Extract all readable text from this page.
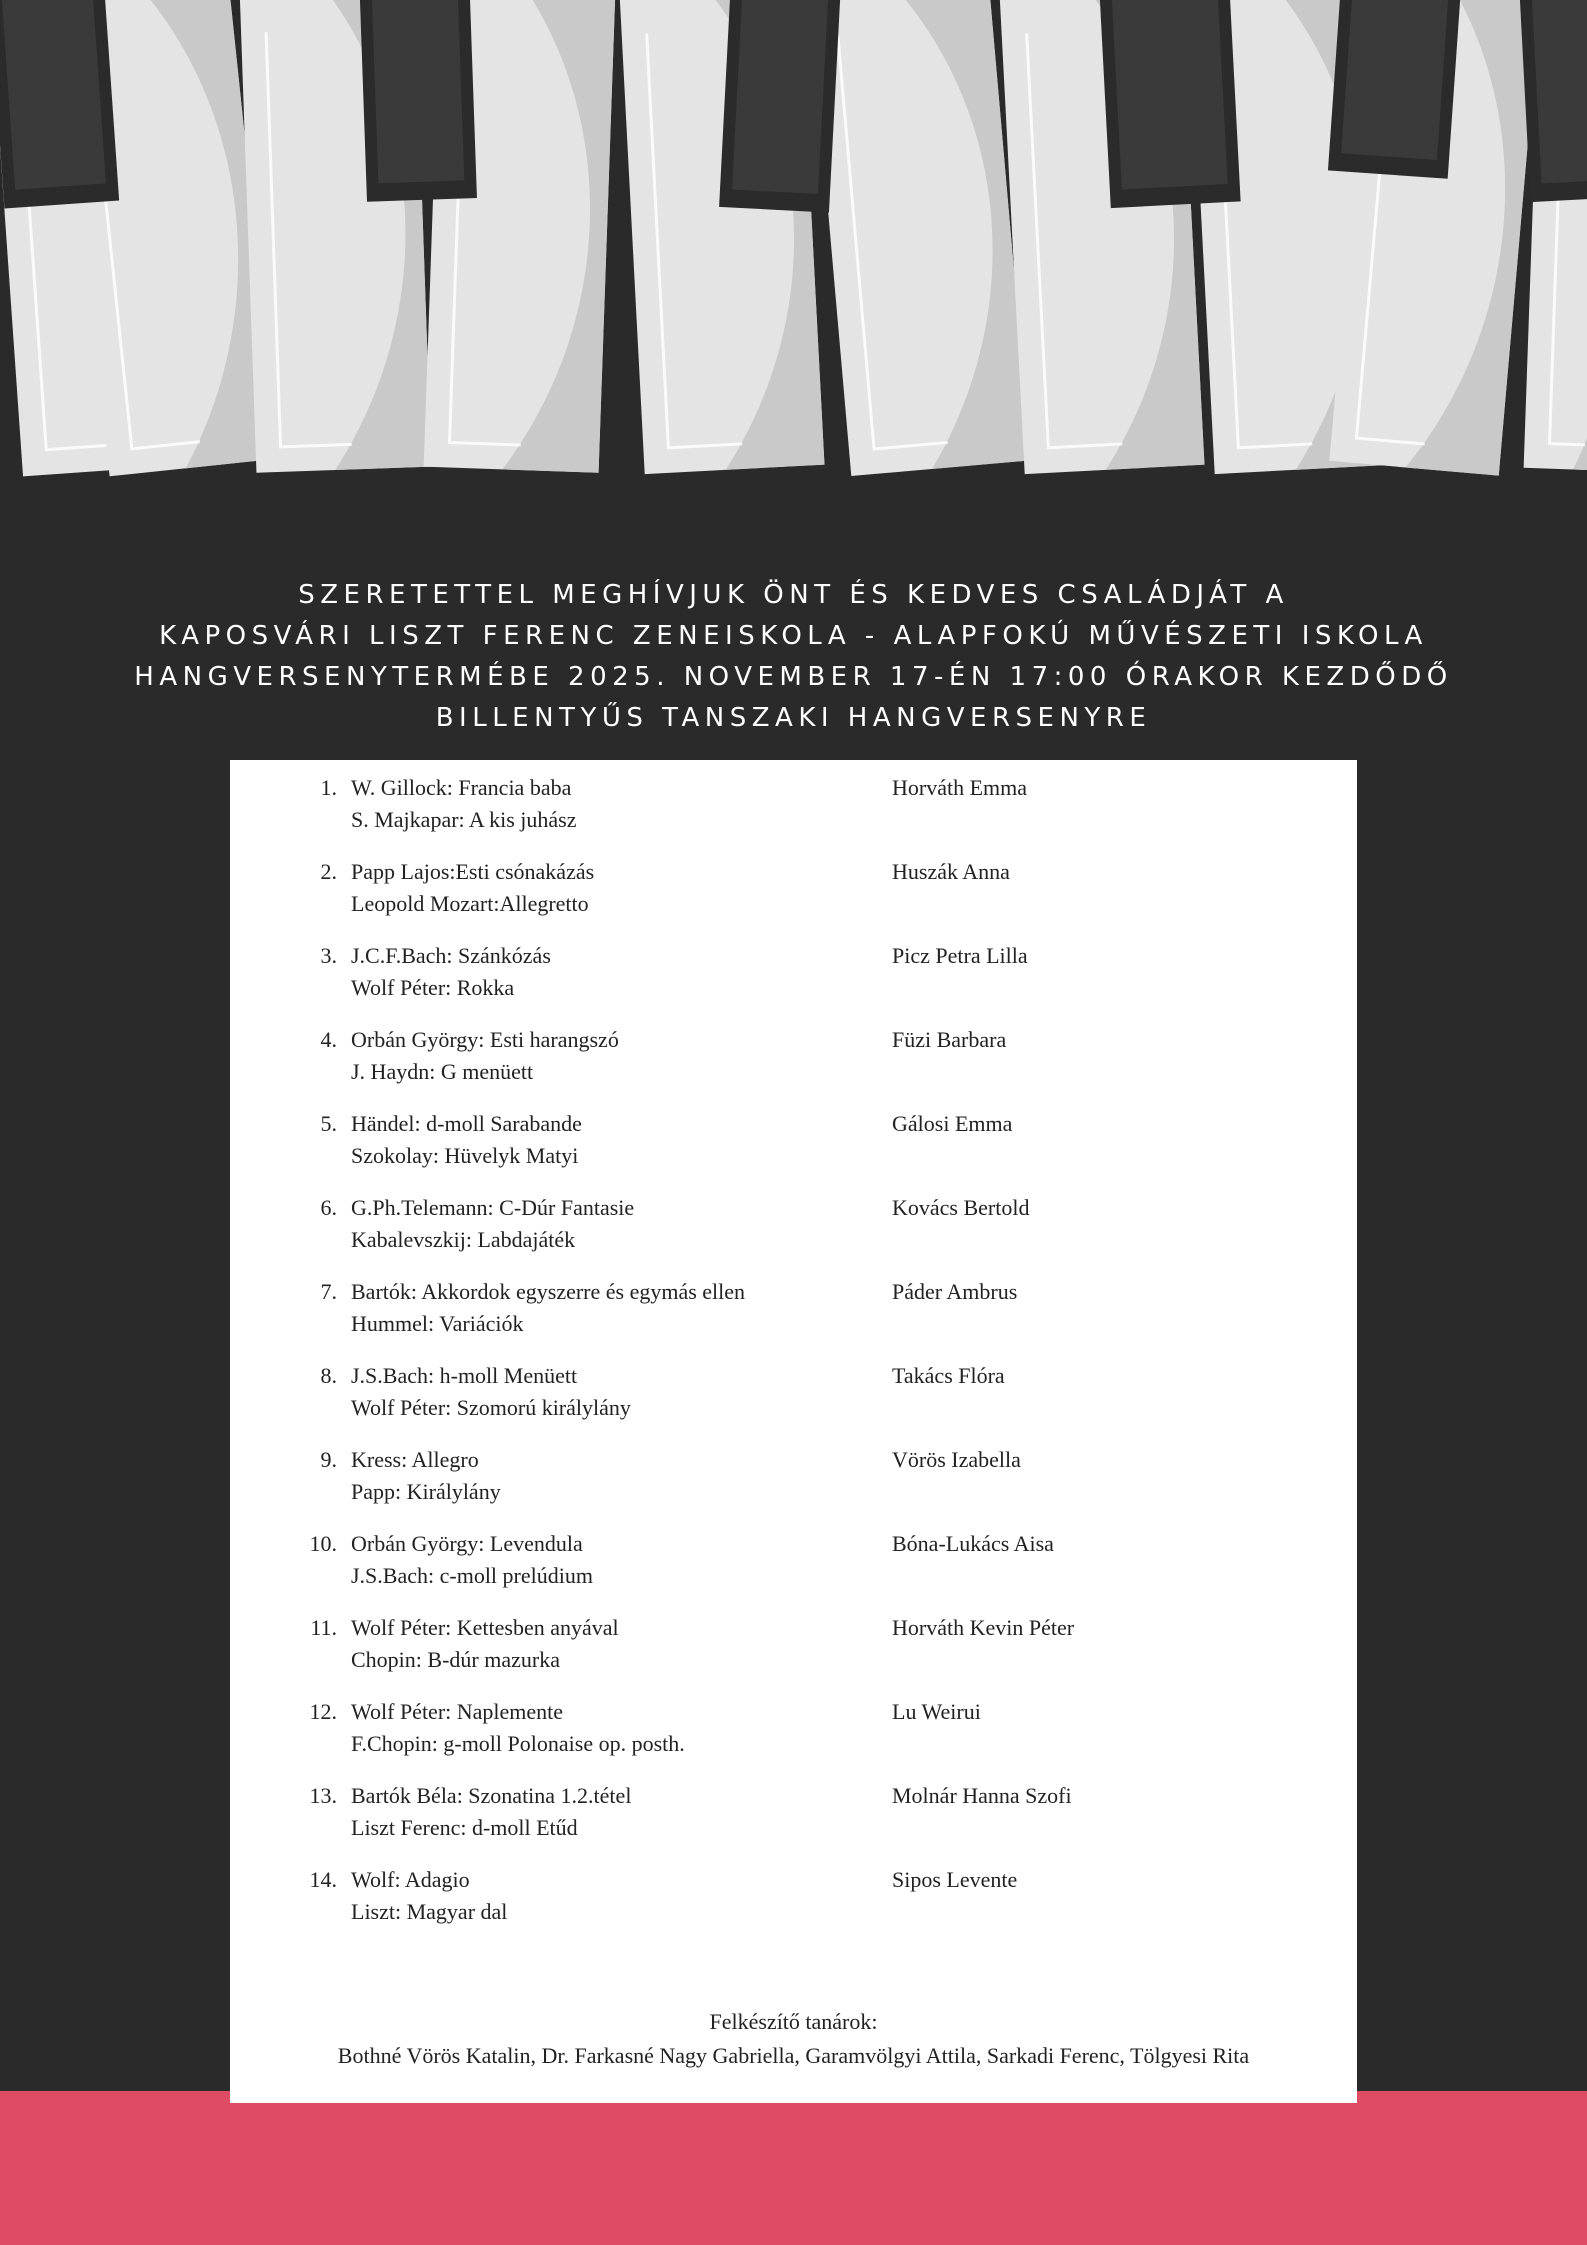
SZERETETTEL MEGHÍVJUK ÖNT ÉS KEDVES CSALÁDJÁT A
KAPOSVÁRI LISZT FERENC ZENEISKOLA - ALAPFOKÚ MŰVÉSZETI ISKOLA
HANGVERSENYTERMÉBE 2025. NOVEMBER 17-ÉN 17:00 ÓRAKOR KEZDŐDŐ
BILLENTYŰS TANSZAKI HANGVERSENYRE
1. W. Gillock: Francia baba
S. Majkapar: A kis juhász
Horváth Emma
2. Papp Lajos:Esti csónakázás
Leopold Mozart:Allegretto
Huszák Anna
3. J.C.F.Bach: Szánkózás
Wolf Péter: Rokka
Picz Petra Lilla
4. Orbán György: Esti harangszó
J. Haydn: G menüett
Füzi Barbara
5. Händel: d-moll Sarabande
Szokolay: Hüvelyk Matyi
Gálosi Emma
6. G.Ph.Telemann: C-Dúr Fantasie
Kabalevszkij: Labdajáték
Kovács Bertold
7. Bartók: Akkordok egyszerre és egymás ellen
Hummel: Variációk
Páder Ambrus
8. J.S.Bach: h-moll Menüett
Wolf Péter: Szomorú királylány
Takács Flóra
9. Kress: Allegro
Papp: Királylány
Vörös Izabella
10. Orbán György: Levendula
J.S.Bach: c-moll prelúdium
Bóna-Lukács Aisa
11. Wolf Péter: Kettesben anyával
Chopin: B-dúr mazurka
Horváth Kevin Péter
12. Wolf Péter: Naplemente
F.Chopin: g-moll Polonaise op. posth.
Lu Weirui
13. Bartók Béla: Szonatina 1.2.tétel
Liszt Ferenc: d-moll Etűd
Molnár Hanna Szofi
14. Wolf: Adagio
Liszt: Magyar dal
Sipos Levente
Felkészítő tanárok:
Bothné Vörös Katalin, Dr. Farkasné Nagy Gabriella, Garamvölgyi Attila, Sarkadi Ferenc, Tölgyesi Rita
